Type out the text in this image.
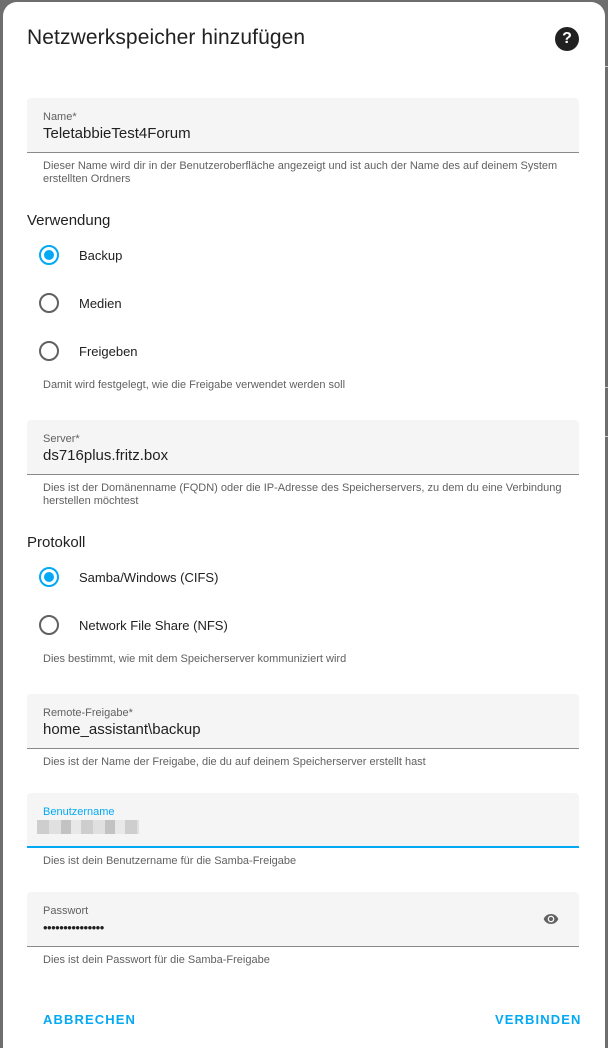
Netzwerkspeicher hinzufügen	?
Name*
TeletabbieTest4Forum
Dieser Name wird dir in der Benutzeroberfläche angezeigt und ist auch der Name des auf deinem System erstellten Ordners
Verwendung
Backup
Medien
Freigeben
Damit wird festgelegt, wie die Freigabe verwendet werden soll
Server*
ds716plus.fritz.box
Dies ist der Domänenname (FQDN) oder die IP-Adresse des Speicherservers, zu dem du eine Verbindung herstellen möchtest
Protokoll
Samba/Windows (CIFS)
Network File Share (NFS)
Dies bestimmt, wie mit dem Speicherserver kommuniziert wird
Remote-Freigabe*
home_assistant\backup
Dies ist der Name der Freigabe, die du auf deinem Speicherserver erstellt hast
Benutzername
Dies ist dein Benutzername für die Samba-Freigabe
Passwort
•••••••••••••••
Dies ist dein Passwort für die Samba-Freigabe
ABBRECHEN	VERBINDEN
